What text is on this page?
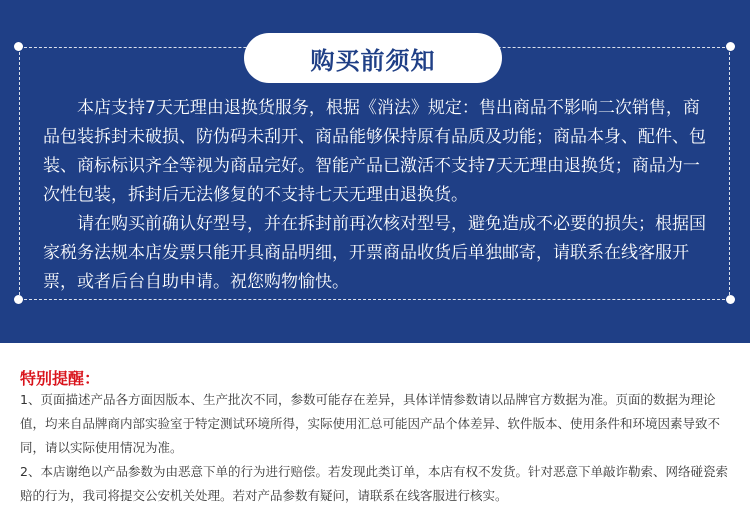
购买前须知

本店支持7天无理由退换货服务，根据《消法》规定：售出商品不影响二次销售，商品包装拆封未破损、防伪码未刮开、商品能够保持原有品质及功能；商品本身、配件、包装、商标标识齐全等视为商品完好。智能产品已激活不支持7天无理由退换货；商品为一次性包装，拆封后无法修复的不支持七天无理由退换货。

请在购买前确认好型号，并在拆封前再次核对型号，避免造成不必要的损失；根据国家税务法规本店发票只能开具商品明细，开票商品收货后单独邮寄，请联系在线客服开票，或者后台自助申请。祝您购物愉快。

特别提醒：

1、页面描述产品各方面因版本、生产批次不同，参数可能存在差异，具体详情参数请以品牌官方数据为准。页面的数据为理论值，均来自品牌商内部实验室于特定测试环境所得，实际使用汇总可能因产品个体差异、软件版本、使用条件和环境因素导致不同，请以实际使用情况为准。

2、本店谢绝以产品参数为由恶意下单的行为进行赔偿。若发现此类订单，本店有权不发货。针对恶意下单敲诈勒索、网络碰瓷索赔的行为，我司将提交公安机关处理。若对产品参数有疑问，请联系在线客服进行核实。
